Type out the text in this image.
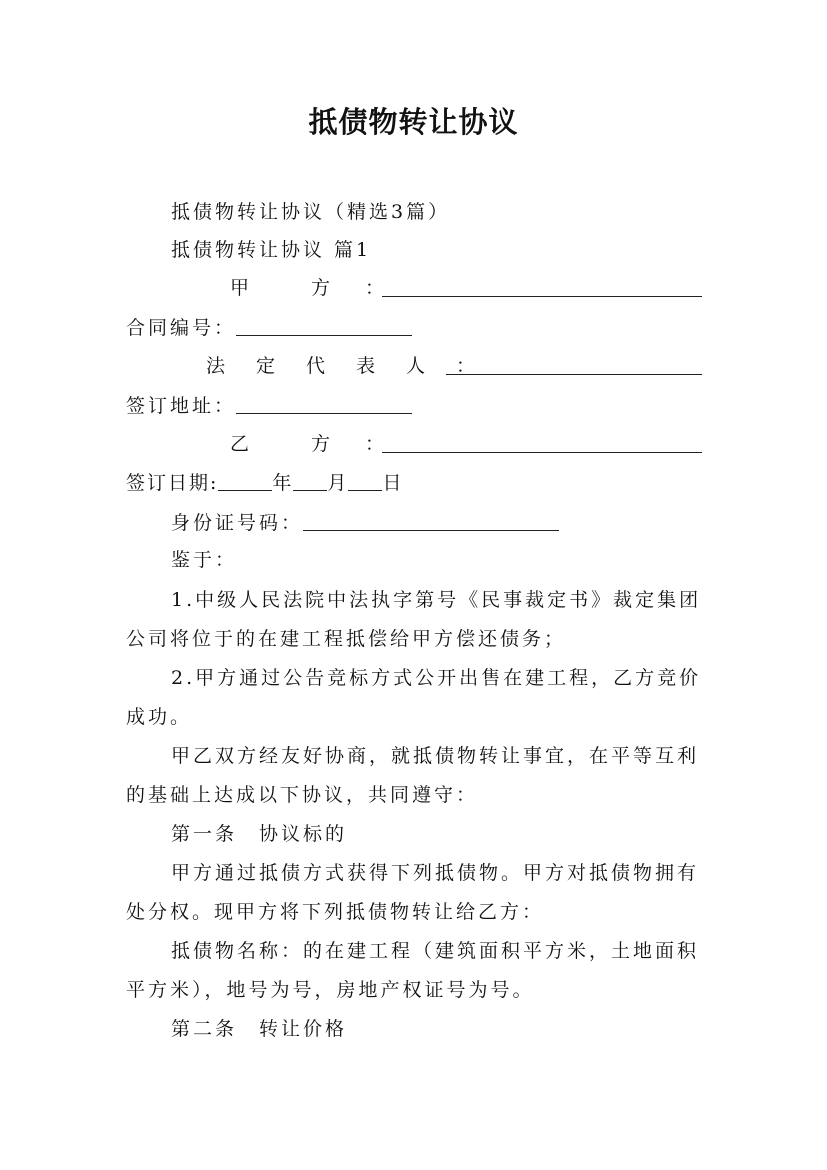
抵债物转让协议
抵债物转让协议（精选3篇）
抵债物转让协议 篇1
甲　　方　：
合同编号：
法　定　代　表　人　：
签订地址：
乙　　方　：
签订日期:	年 月 日
身份证号码：
鉴于：
1.中级人民法院中法执字第号《民事裁定书》裁定集团
公司将位于的在建工程抵偿给甲方偿还债务；
2.甲方通过公告竞标方式公开出售在建工程，乙方竞价
成功。
甲乙双方经友好协商，就抵债物转让事宜，在平等互利
的基础上达成以下协议，共同遵守：
第一条　协议标的
甲方通过抵债方式获得下列抵债物。甲方对抵债物拥有
处分权。现甲方将下列抵债物转让给乙方：
抵债物名称：的在建工程（建筑面积平方米，土地面积
平方米），地号为号，房地产权证号为号。
第二条　转让价格
